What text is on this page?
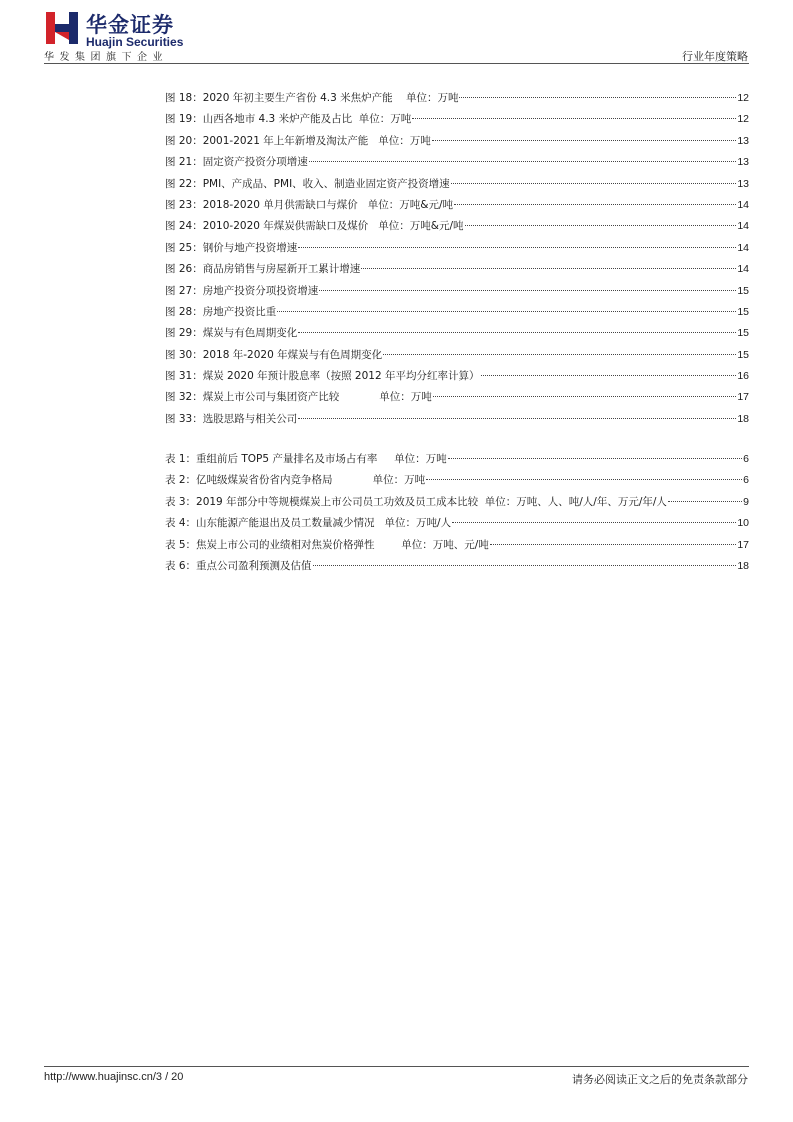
华金证券
Huajin Securities
华发集团旗下企业	行业年度策略
图 18：2020 年初主要生产省份 4.3 米焦炉产能    单位：万吨	12
图 19：山西各地市 4.3 米炉产能及占比  单位：万吨	12
图 20：2001-2021 年上年新增及淘汰产能   单位：万吨	13
图 21：固定资产投资分项增速	13
图 22：PMI、产成品、PMI、收入、制造业固定资产投资增速	13
图 23：2018-2020 单月供需缺口与煤价   单位：万吨&元/吨	14
图 24：2010-2020 年煤炭供需缺口及煤价   单位：万吨&元/吨	14
图 25：钢价与地产投资增速	14
图 26：商品房销售与房屋新开工累计增速	14
图 27：房地产投资分项投资增速	15
图 28：房地产投资比重	15
图 29：煤炭与有色周期变化	15
图 30：2018 年-2020 年煤炭与有色周期变化	15
图 31：煤炭 2020 年预计股息率（按照 2012 年平均分红率计算）	16
图 32：煤炭上市公司与集团资产比较            单位：万吨	17
图 33：选股思路与相关公司	18
表 1：重组前后 TOP5 产量排名及市场占有率     单位：万吨	6
表 2：亿吨级煤炭省份省内竞争格局            单位：万吨	6
表 3：2019 年部分中等规模煤炭上市公司员工功效及员工成本比较  单位：万吨、人、吨/人/年、万元/年/人	9
表 4：山东能源产能退出及员工数量减少情况   单位：万吨/人	10
表 5：焦炭上市公司的业绩相对焦炭价格弹性        单位：万吨、元/吨	17
表 6：重点公司盈利预测及估值	18
http://www.huajinsc.cn/3 / 20	请务必阅读正文之后的免责条款部分
